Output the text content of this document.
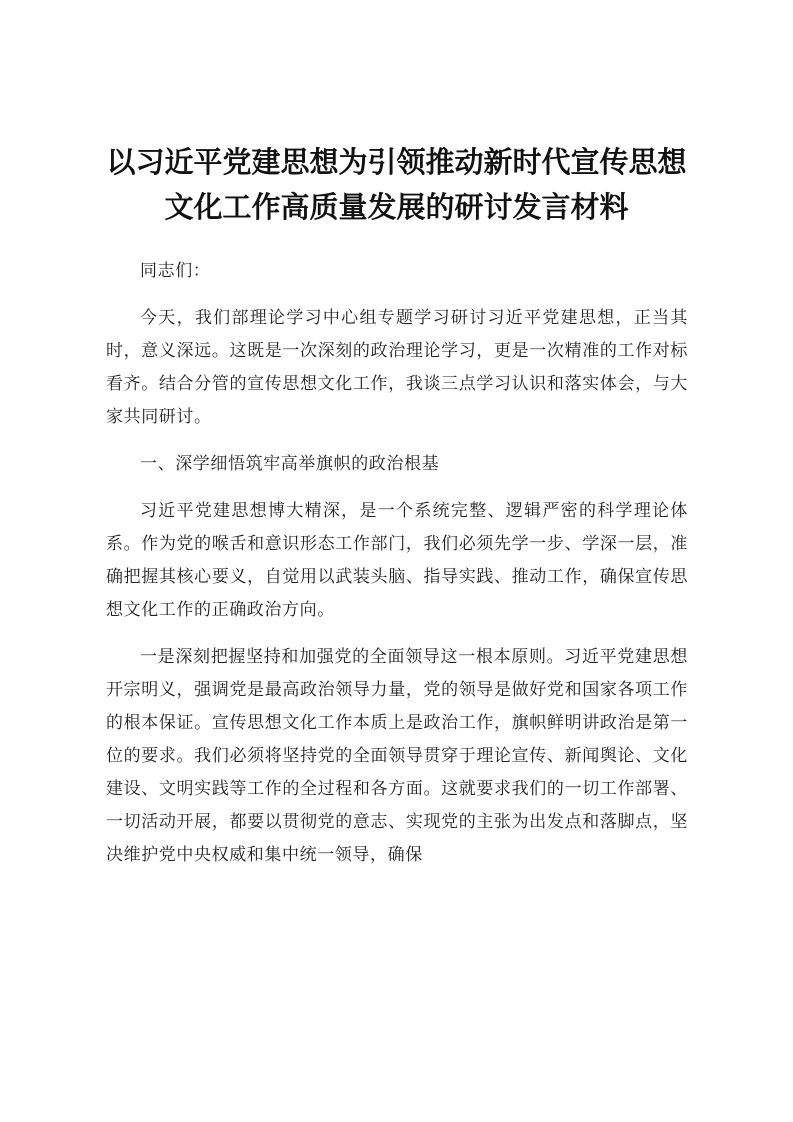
以习近平党建思想为引领推动新时代宣传思想
文化工作高质量发展的研讨发言材料

同志们：

今天，我们部理论学习中心组专题学习研讨习近平党建思想，正当其时，意义深远。这既是一次深刻的政治理论学习，更是一次精准的工作对标看齐。结合分管的宣传思想文化工作，我谈三点学习认识和落实体会，与大家共同研讨。

一、深学细悟筑牢高举旗帜的政治根基

习近平党建思想博大精深，是一个系统完整、逻辑严密的科学理论体系。作为党的喉舌和意识形态工作部门，我们必须先学一步、学深一层，准确把握其核心要义，自觉用以武装头脑、指导实践、推动工作，确保宣传思想文化工作的正确政治方向。

一是深刻把握坚持和加强党的全面领导这一根本原则。习近平党建思想开宗明义，强调党是最高政治领导力量，党的领导是做好党和国家各项工作的根本保证。宣传思想文化工作本质上是政治工作，旗帜鲜明讲政治是第一位的要求。我们必须将坚持党的全面领导贯穿于理论宣传、新闻舆论、文化建设、文明实践等工作的全过程和各方面。这就要求我们的一切工作部署、一切活动开展，都要以贯彻党的意志、实现党的主张为出发点和落脚点，坚决维护党中央权威和集中统一领导，确保
